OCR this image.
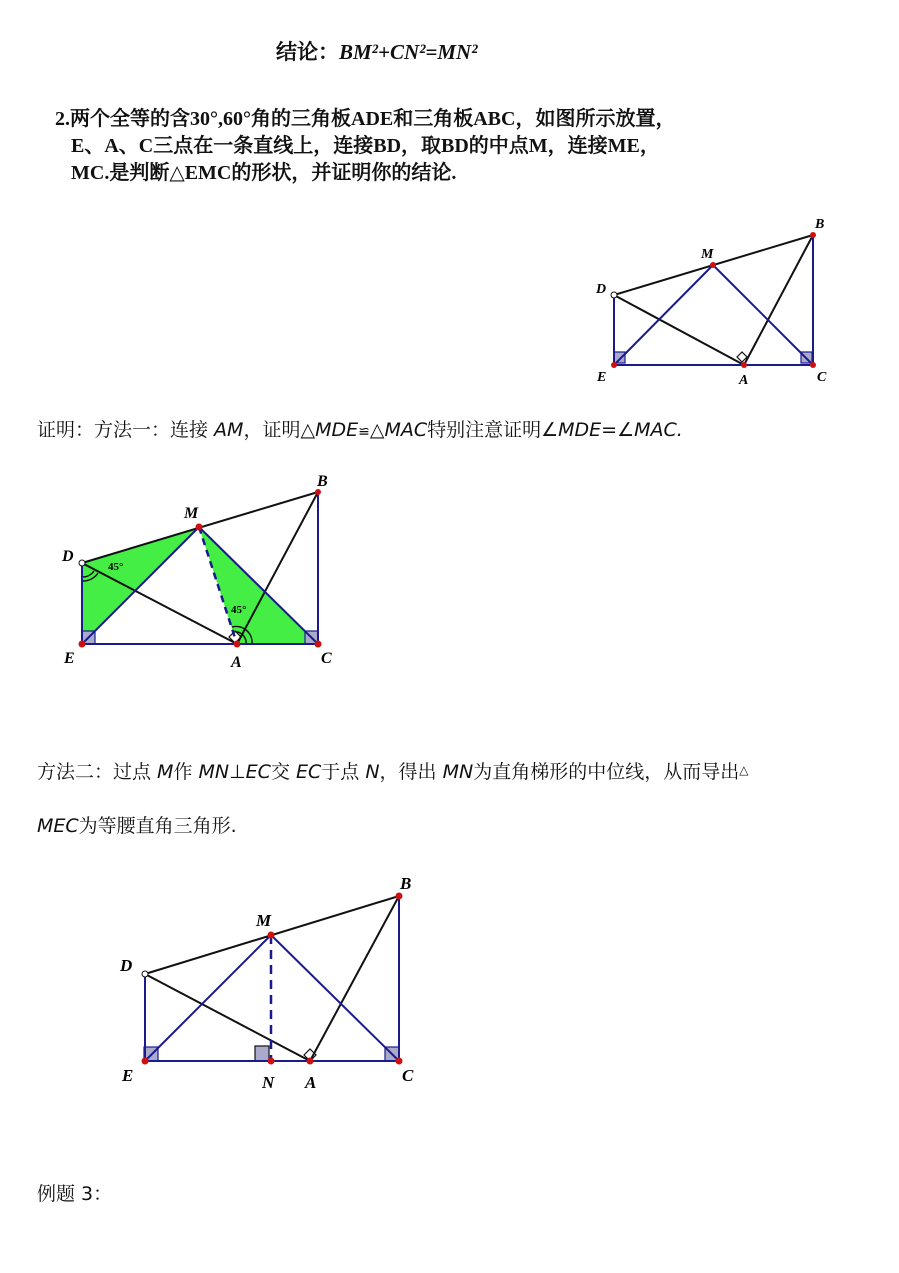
结论：BM²+CN²=MN²
2.两个全等的含30°,60°角的三角板ADE和三角板ABC，如图所示放置，

E、A、C三点在一条直线上，连接BD，取BD的中点M，连接ME，
MC.是判断△EMC的形状，并证明你的结论.
B
M
D
E	A	C
证明：方法一：连接 AM，证明△MDE≌△MAC特别注意证明∠MDE=∠MAC.
B
M
D
E	A	C
45°
45°
方法二：过点 M作 MN⊥EC交 EC于点 N，得出 MN为直角梯形的中位线，从而导出△
MEC为等腰直角三角形.
B
M
D
E	N A	C
例题 3：
